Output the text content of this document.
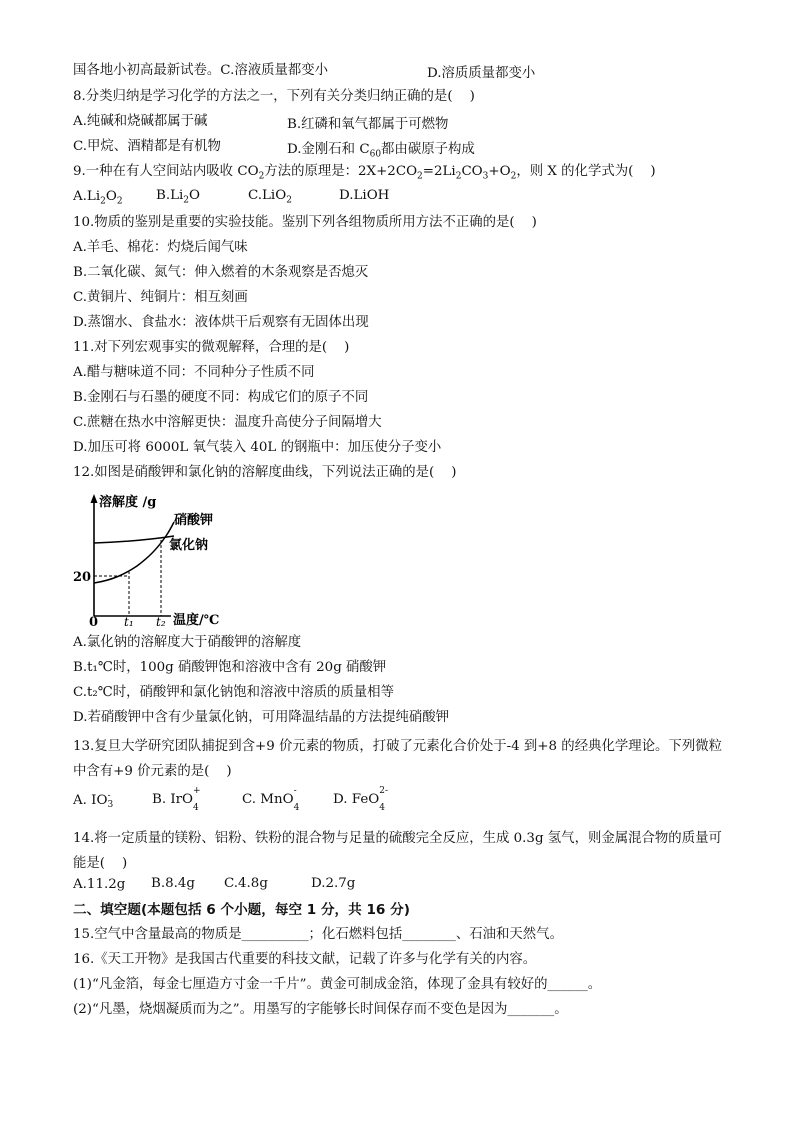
国各地小初高最新试卷。C.溶液质量都变小	D.溶质质量都变小
8.分类归纳是学习化学的方法之一，下列有关分类归纳正确的是(    )
A.纯碱和烧碱都属于碱	B.红磷和氧气都属于可燃物
C.甲烷、酒精都是有机物	D.金刚石和 $C_{60}$都由碳原子构成
9.一种在有人空间站内吸收 $CO_2$方法的原理是：$2X+2CO_2=2Li_2CO_3+O_2$，则 X 的化学式为(    )
$A.Li_2O_2$ $B.Li_2O$	C.LiO$_2$	D.LiOH
10.物质的鉴别是重要的实验技能。鉴别下列各组物质所用方法不正确的是(    )
A.羊毛、棉花：灼烧后闻气味
B.二氧化碳、氮气：伸入燃着的木条观察是否熄灭
C.黄铜片、纯铜片：相互刻画
D.蒸馏水、食盐水：液体烘干后观察有无固体出现
11.对下列宏观事实的微观解释，合理的是(    )
A.醋与糖味道不同：不同种分子性质不同
B.金刚石与石墨的硬度不同：构成它们的原子不同
C.蔗糖在热水中溶解更快：温度升高使分子间隔增大
D.加压可将 6000L 氧气装入 40L 的钢瓶中：加压使分子变小
12.如图是硝酸钾和氯化钠的溶解度曲线，下列说法正确的是(    )
溶解度 /g
硝酸钾
氯化钠
20
0 t₁ t₂ 温度/℃
A.氯化钠的溶解度大于硝酸钾的溶解度
B.t₁℃时，100g 硝酸钾饱和溶液中含有 20g 硝酸钾
C.t₂℃时，硝酸钾和氯化钠饱和溶液中溶质的质量相等
D.若硝酸钾中含有少量氯化钠，可用降温结晶的方法提纯硝酸钾
13.复旦大学研究团队捕捉到含+9 价元素的物质，打破了元素化合价处于-4 到+8 的经典化学理论。下列微粒中含有+9 价元素的是(    )
A. IO -
3	B. IrO
+
4
C. MnO
-
4
D. FeO
2-
4
14.将一定质量的镁粉、铝粉、铁粉的混合物与足量的硫酸完全反应，生成 0.3g 氢气，则金属混合物的质量可能是(    )
A.11.2g B.8.4g C.4.8g	D.2.7g
二、填空题(本题包括 6 个小题，每空 1 分，共 16 分)
15.空气中含量最高的物质是__________；化石燃料包括________、石油和天然气。
16.《天工开物》是我国古代重要的科技文献，记载了许多与化学有关的内容。
(1)“凡金箔，每金七厘造方寸金一千片”。黄金可制成金箔，体现了金具有较好的______。
(2)“凡墨，烧烟凝质而为之”。用墨写的字能够长时间保存而不变色是因为_______。
